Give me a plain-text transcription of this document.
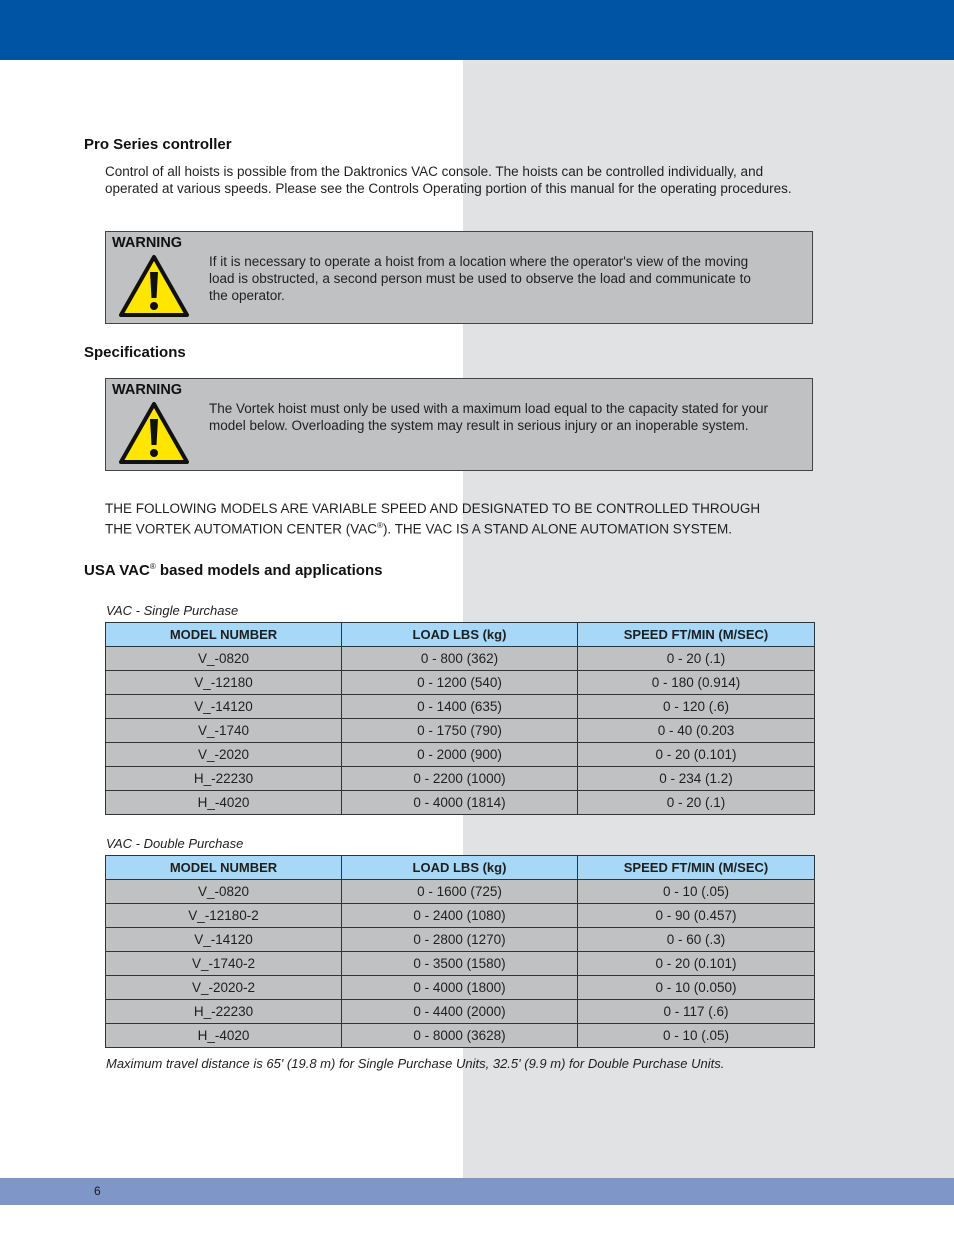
Pro Series controller

Control of all hoists is possible from the Daktronics VAC console. The hoists can be controlled individually, and
operated at various speeds. Please see the Controls Operating portion of this manual for the operating procedures.

WARNING
If it is necessary to operate a hoist from a location where the operator's view of the moving
load is obstructed, a second person must be used to observe the load and communicate to
the operator.
Specifications
WARNING
The Vortek hoist must only be used with a maximum load equal to the capacity stated for your
model below. Overloading the system may result in serious injury or an inoperable system.

THE FOLLOWING MODELS ARE VARIABLE SPEED AND DESIGNATED TO BE CONTROLLED THROUGH
THE VORTEK AUTOMATION CENTER (VAC®). THE VAC IS A STAND ALONE AUTOMATION SYSTEM.

USA VAC® based models and applications
VAC - Single Purchase
MODEL NUMBER	LOAD LBS (kg)	SPEED FT/MIN (M/SEC)
V_-0820	0 - 800 (362)	0 - 20 (.1)
V_-12180	0 - 1200 (540)	0 - 180 (0.914)
V_-14120	0 - 1400 (635)	0 - 120 (.6)
V_-1740	0 - 1750 (790)	0 - 40 (0.203
V_-2020	0 - 2000 (900)	0 - 20 (0.101)
H_-22230	0 - 2200 (1000)	0 - 234 (1.2)
H_-4020	0 - 4000 (1814)	0 - 20 (.1)
VAC - Double Purchase
MODEL NUMBER	LOAD LBS (kg)	SPEED FT/MIN (M/SEC)
V_-0820	0 - 1600 (725)	0 - 10 (.05)
V_-12180-2	0 - 2400 (1080)	0 - 90 (0.457)
V_-14120	0 - 2800 (1270)	0 - 60 (.3)
V_-1740-2	0 - 3500 (1580)	0 - 20 (0.101)
V_-2020-2	0 - 4000 (1800)	0 - 10 (0.050)
H_-22230	0 - 4400 (2000)	0 - 117 (.6)
H_-4020	0 - 8000 (3628)	0 - 10 (.05)
Maximum travel distance is 65' (19.8 m) for Single Purchase Units, 32.5' (9.9 m) for Double Purchase Units.
6
